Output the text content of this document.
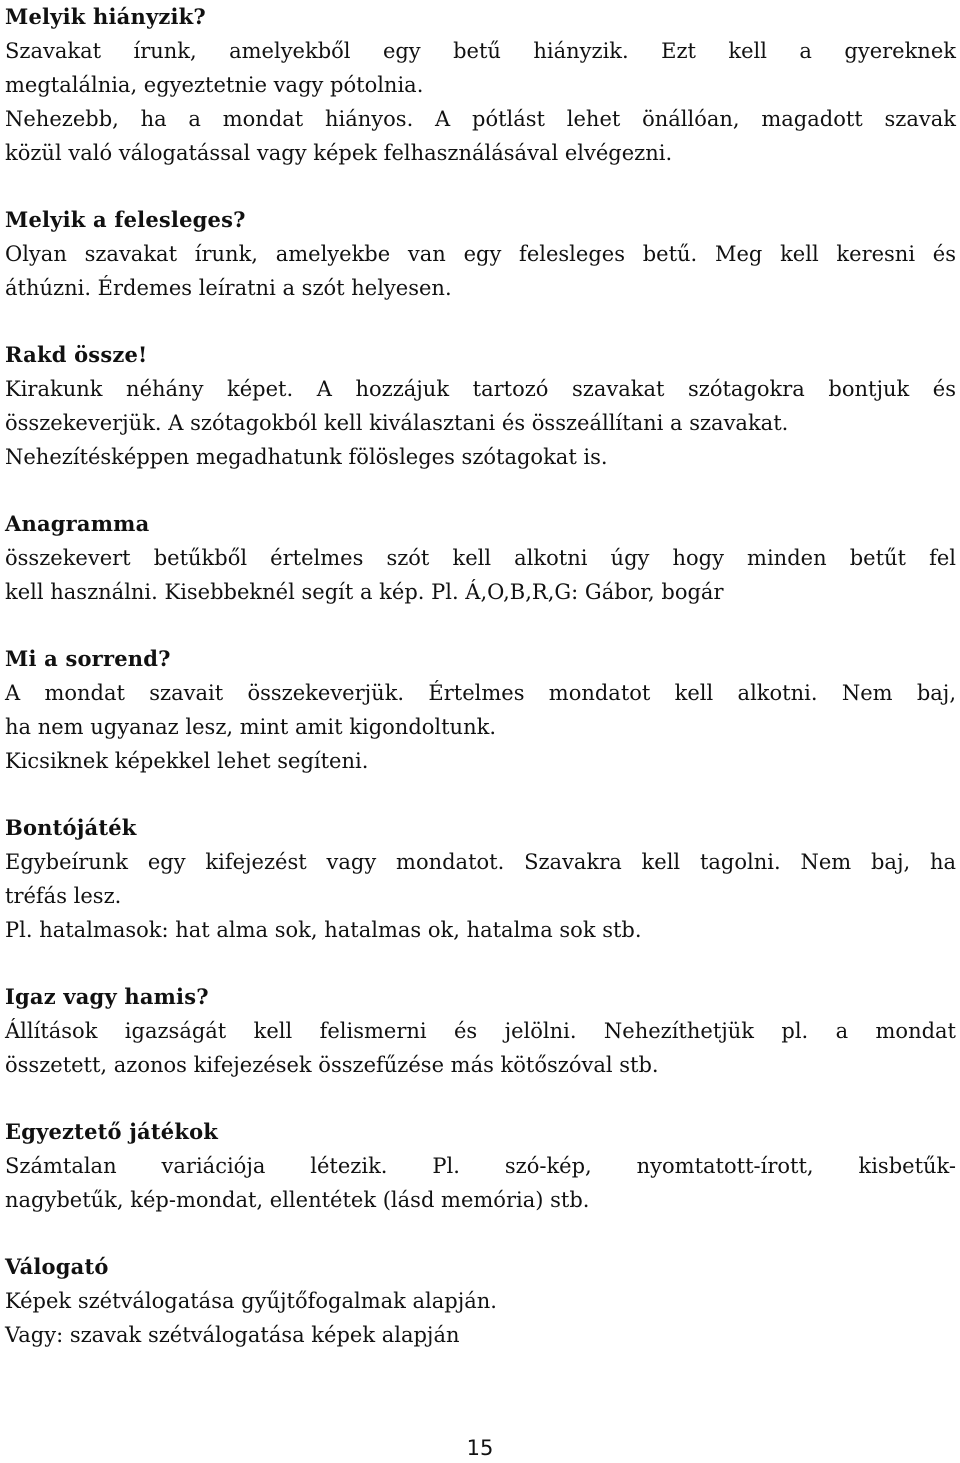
Melyik hiányzik?
Szavakat írunk, amelyekből egy betű hiányzik. Ezt kell a gyereknek
megtalálnia, egyeztetnie vagy pótolnia.
Nehezebb, ha a mondat hiányos. A pótlást lehet önállóan, magadott szavak
közül való válogatással vagy képek felhasználásával elvégezni.
Melyik a felesleges?
Olyan szavakat írunk, amelyekbe van egy felesleges betű. Meg kell keresni és
áthúzni. Érdemes leíratni a szót helyesen.
Rakd össze!
Kirakunk néhány képet. A hozzájuk tartozó szavakat szótagokra bontjuk és
összekeverjük. A szótagokból kell kiválasztani és összeállítani a szavakat.
Nehezítésképpen megadhatunk fölösleges szótagokat is.
Anagramma
összekevert betűkből értelmes szót kell alkotni úgy hogy minden betűt fel
kell használni. Kisebbeknél segít a kép. Pl. Á,O,B,R,G: Gábor, bogár
Mi a sorrend?
A mondat szavait összekeverjük. Értelmes mondatot kell alkotni. Nem baj,
ha nem ugyanaz lesz, mint amit kigondoltunk.
Kicsiknek képekkel lehet segíteni.
Bontójáték
Egybeírunk egy kifejezést vagy mondatot. Szavakra kell tagolni. Nem baj, ha
tréfás lesz.
Pl. hatalmasok: hat alma sok, hatalmas ok, hatalma sok stb.
Igaz vagy hamis?
Állítások igazságát kell felismerni és jelölni. Nehezíthetjük pl. a mondat
összetett, azonos kifejezések összefűzése más kötőszóval stb.
Egyeztető játékok
Számtalan variációja létezik. Pl. szó-kép, nyomtatott-írott, kisbetűk-
nagybetűk, kép-mondat, ellentétek (lásd memória) stb.
Válogató
Képek szétválogatása gyűjtőfogalmak alapján.
Vagy: szavak szétválogatása képek alapján
15
